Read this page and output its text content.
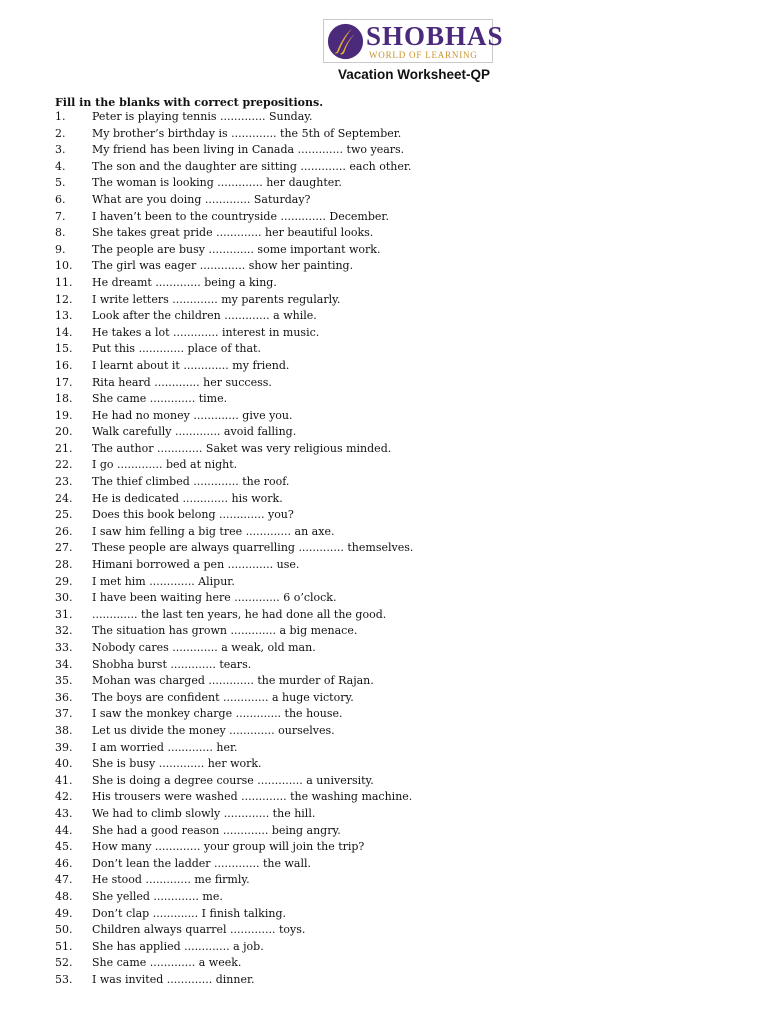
SHOBHAS
WORLD OF LEARNING
Vacation Worksheet-QP
Fill in the blanks with correct prepositions.
1. Peter is playing tennis ............. Sunday.
2. My brother’s birthday is ............. the 5th of September.
3. My friend has been living in Canada ............. two years.
4. The son and the daughter are sitting ............. each other.
5. The woman is looking ............. her daughter.
6. What are you doing ............. Saturday?
7. I haven’t been to the countryside ............. December.
8. She takes great pride ............. her beautiful looks.
9. The people are busy ............. some important work.
10. The girl was eager ............. show her painting.
11. He dreamt ............. being a king.
12. I write letters ............. my parents regularly.
13. Look after the children ............. a while.
14. He takes a lot ............. interest in music.
15. Put this ............. place of that.
16. I learnt about it ............. my friend.
17. Rita heard ............. her success.
18. She came ............. time.
19. He had no money ............. give you.
20. Walk carefully ............. avoid falling.
21. The author ............. Saket was very religious minded.
22. I go ............. bed at night.
23. The thief climbed ............. the roof.
24. He is dedicated ............. his work.
25. Does this book belong ............. you?
26. I saw him felling a big tree ............. an axe.
27. These people are always quarrelling ............. themselves.
28. Himani borrowed a pen ............. use.
29. I met him ............. Alipur.
30. I have been waiting here ............. 6 o’clock.
31. ............. the last ten years, he had done all the good.
32. The situation has grown ............. a big menace.
33. Nobody cares ............. a weak, old man.
34. Shobha burst ............. tears.
35. Mohan was charged ............. the murder of Rajan.
36. The boys are confident ............. a huge victory.
37. I saw the monkey charge ............. the house.
38. Let us divide the money ............. ourselves.
39. I am worried ............. her.
40. She is busy ............. her work.
41. She is doing a degree course ............. a university.
42. His trousers were washed ............. the washing machine.
43. We had to climb slowly ............. the hill.
44. She had a good reason ............. being angry.
45. How many ............. your group will join the trip?
46. Don’t lean the ladder ............. the wall.
47. He stood ............. me firmly.
48. She yelled ............. me.
49. Don’t clap ............. I finish talking.
50. Children always quarrel ............. toys.
51. She has applied ............. a job.
52. She came ............. a week.
53. I was invited ............. dinner.
